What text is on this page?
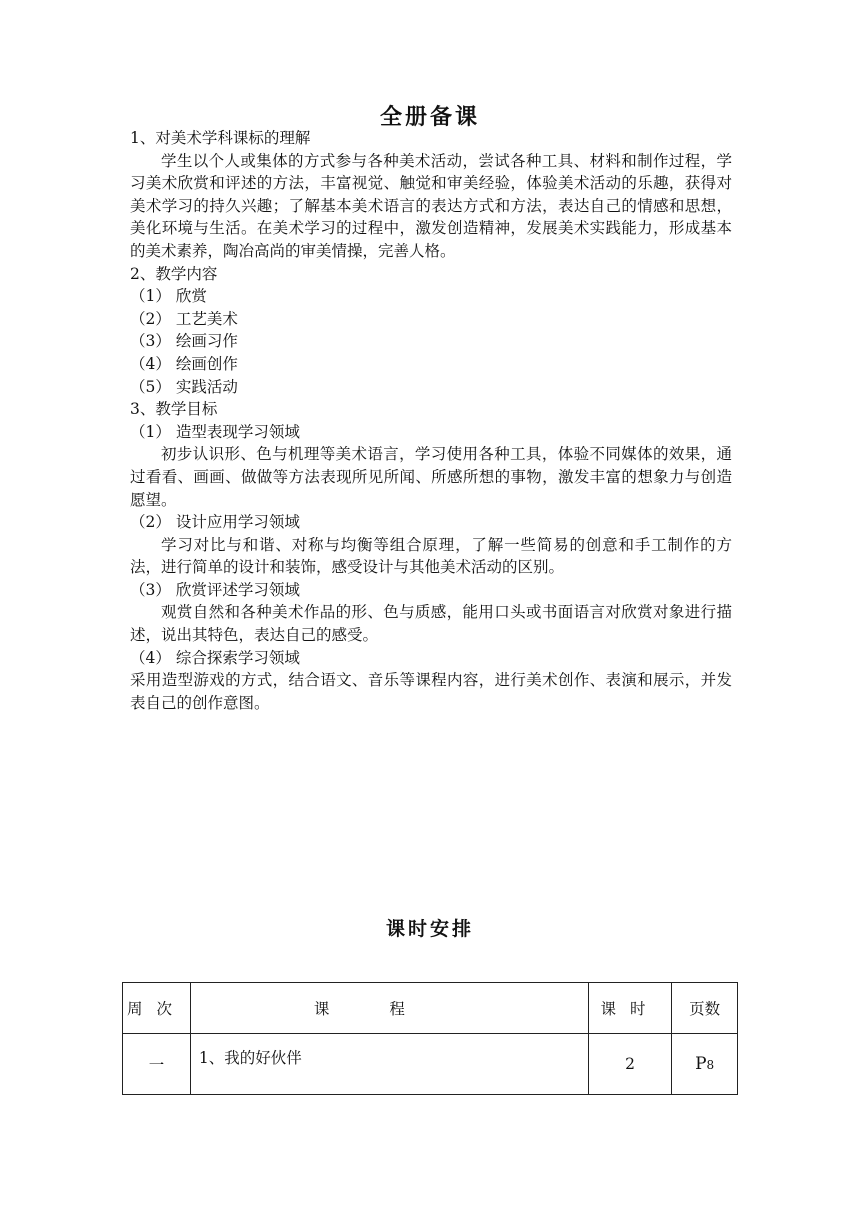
全册备课
1、对美术学科课标的理解
学生以个人或集体的方式参与各种美术活动，尝试各种工具、材料和制作过程，学习美术欣赏和评述的方法，丰富视觉、触觉和审美经验，体验美术活动的乐趣，获得对美术学习的持久兴趣；了解基本美术语言的表达方式和方法，表达自己的情感和思想，美化环境与生活。在美术学习的过程中，激发创造精神，发展美术实践能力，形成基本的美术素养，陶冶高尚的审美情操，完善人格。
2、教学内容
（1） 欣赏
（2） 工艺美术
（3） 绘画习作
（4） 绘画创作
（5） 实践活动
3、教学目标
（1） 造型表现学习领域
初步认识形、色与机理等美术语言，学习使用各种工具，体验不同媒体的效果，通过看看、画画、做做等方法表现所见所闻、所感所想的事物，激发丰富的想象力与创造愿望。
（2） 设计应用学习领域
学习对比与和谐、对称与均衡等组合原理，了解一些简易的创意和手工制作的方法，进行简单的设计和装饰，感受设计与其他美术活动的区别。
（3） 欣赏评述学习领域
观赏自然和各种美术作品的形、色与质感，能用口头或书面语言对欣赏对象进行描述，说出其特色，表达自己的感受。
（4） 综合探索学习领域
采用造型游戏的方式，结合语文、音乐等课程内容，进行美术创作、表演和展示，并发表自己的创作意图。
课时安排
周次	课程	课时	页数
一	1、我的好伙伴	2	P8
